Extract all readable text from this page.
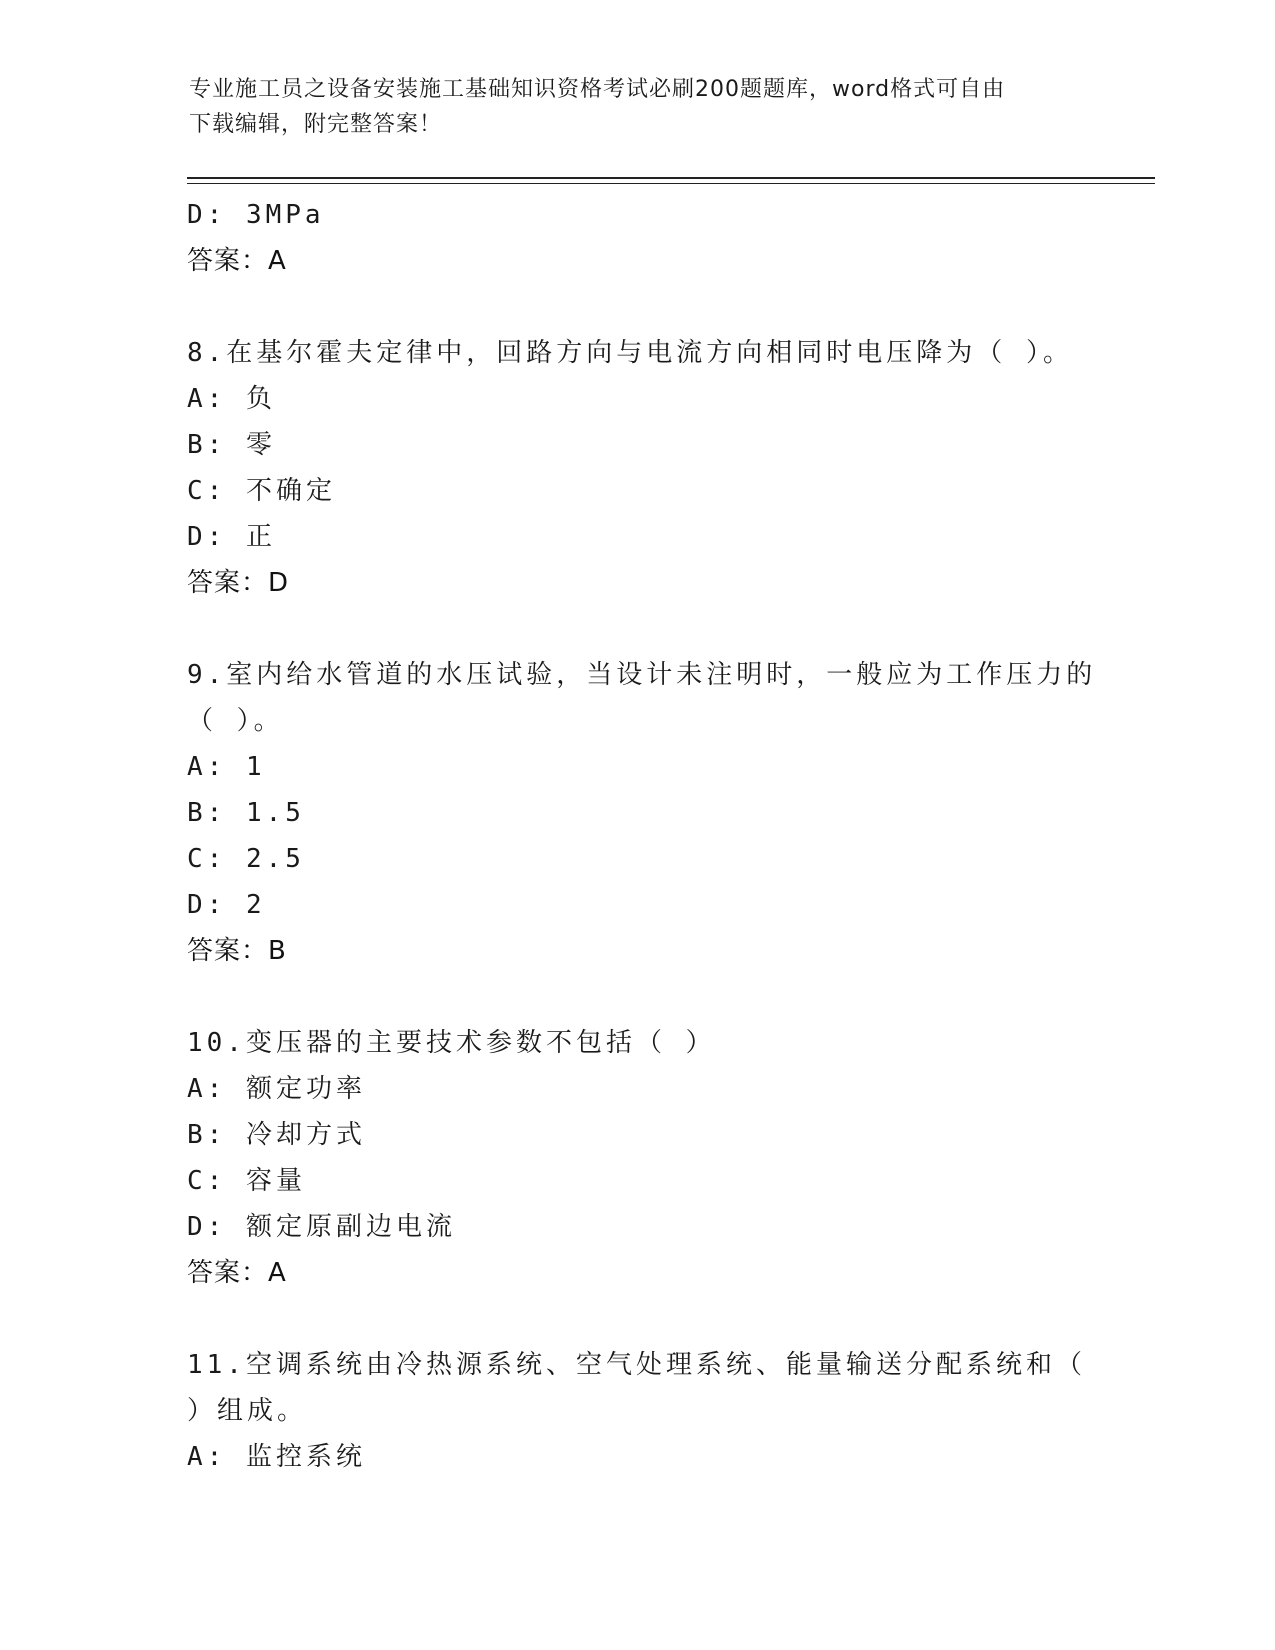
专业施工员之设备安装施工基础知识资格考试必刷200题题库，word格式可自由
下载编辑，附完整答案！
D: 3MPa
答案：A
8.在基尔霍夫定律中，回路方向与电流方向相同时电压降为（ ）。
A: 负
B: 零
C: 不确定
D: 正
答案：D
9.室内给水管道的水压试验，当设计未注明时，一般应为工作压力的
（ ）。
A: 1
B: 1.5
C: 2.5
D: 2
答案：B
10.变压器的主要技术参数不包括（ ）
A: 额定功率
B: 冷却方式
C: 容量
D: 额定原副边电流
答案：A
11.空调系统由冷热源系统、空气处理系统、能量输送分配系统和（
）组成。
A: 监控系统
